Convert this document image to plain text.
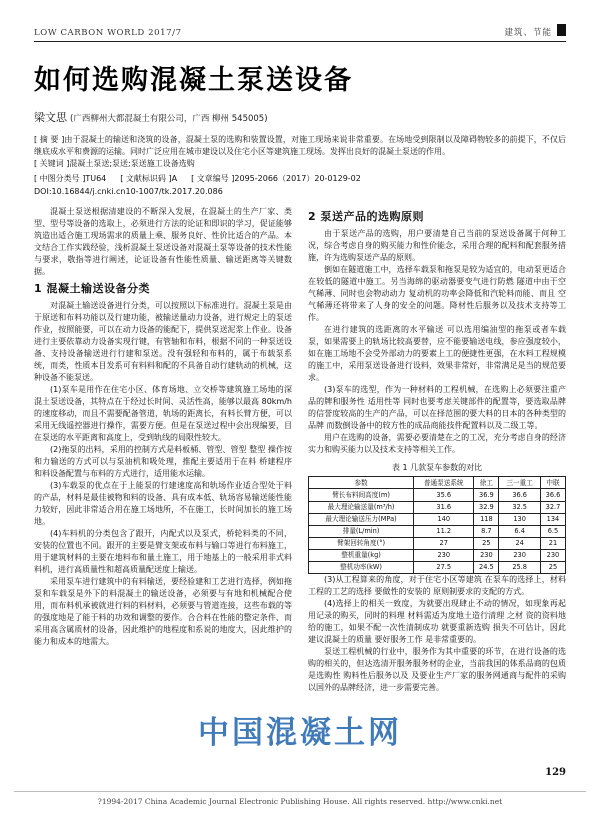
LOW CARBON WORLD 2017/7	建筑、节能
如何选购混凝土泵送设备
梁文思 (广西柳州大都混凝土有限公司，广西 柳州 545005)

[ 摘 要 ]由于混凝土的输送和浇筑的设备，混凝土泵的选购和装置设置，对施工现场来说非常重要。在场地受到限制以及障碍物较多的前提下，不仅后继底成水平和费源的运输。同时广泛应用在城市建设以及住宅小区等建筑施工现场。发挥出良好的混凝土泵送的作用。

[ 关键词 ]混凝土泵送;泵送;泵送施工设备选购

[ 中图分类号 ] TU64 [ 文献标识码 ] A [ 文章编号 ] 2095-2066（2017）20-0129-02
DOI:10.16844/j.cnki.cn10-1007/tk.2017.20.086

混凝土泵送根据清建设的不断深入发展，在混凝土的生产厂家、类型、型号等设备的选取上，必须进行方法的论证和即识的学习，促证能够筑造出适合施工现场需求的质量上乘、服务良好、性价比适合的产品。本文结合工作实践经验，浅析混凝土泵送设备对混凝土泵等设备的技术性能与要求，敬指等进行阐述，论证设备有性能性质量、输送距离等关键数据。

1 混凝土输送设备分类

对混凝土输送设备进行分类，可以按照以下标准进行。混凝土泵是由于原送和布料功能以及行建功能，被输送量动力设备，进行规定上的泵送作业，按照能要，可以在动力设备的能配下，提供泵送泥浆上作业。设备进行主要依靠动力设备实现行键，有管轴和布料，根据不同的一种泵送设备、支持设备输送进行行建和泵送。没有强轻和布料的，属于布载泵系统，而类，性质本目发系可有料料和配的不具备自动行建轨动的机械，这种设备不能泵送。

(1)泵车是用作在住宅小区、体育场地、立交桥等建筑施工场地的深混土泵送设备，其特点在于经过长时间、灵活性高，能够以最高 80km/h 的速度移动，而且不需要配备管道，轨场的距离长，有料长臂方便，可以采用无线遥控器进行操作，需要方便。但是在泵送过程中会出现编要，目在泵送的水平距离和高度上，受到轨线的局限性较大。

(2)拖泵的出料，采用的控制方式是料板桶、管型、管型 整型 操作按和力输送的方式可以与泵油机和吸处理，推配主要适用于在料 桥建程序和料设备配置与布料的方式进行，适用能水运输。

(3)车载泵的优点在于上能泵的行建速度高和轨场作业适合型处于料的产品，材料是最佳被物和料的设备、具有成本低、轨场容易输送能性能力较好，因此非常适合用在施工场地所，不在施工，长时间加长的施工场地。

(4)车料机的分类包含了跟开，内配式以及泵式，桥轮料类的不同，安装的位置也不同。跟开的主要是臂支架或布料与输口等进行布料施工，用于建筑材料的主要在地料布和量土施工，用于地基上的一般采用非式料料机，进行高质量性和超高质量配送度上输送。

采用泵车进行建筑中的有料输送，要经验建和工艺进行选择，例如拖泵和车载泵是外下的料混凝土的输送设备，必须要与有地和机械配合使用，而布料机承被就进行料的料材料，必须要与管道连接，这些布载的等的强度地是了能于料的功效和调整的要作。合合料在性能的整定条件、而采用高含属质材的设备，因此维护的地程度和系说的地度大，因此维护的能力和成本的地需大。

2 泵送产品的选购原则

由于泵送产品的选购，用户要清楚自己当前的泵送设备属于何种工况，综合考虑自身的购买能力和性价能念，采用合理的配料和配套服务措施，许为选购泵送产品的原则。

倒如在隧道施工中，选择车载泵和拖泵是较为适宜的，电动泵更适合在较低的隧道中施工。另当海绵的驱动器要变气进行防燃 隧道中由于空气稀薄、同时也会物动动力 复动机的功率会降低和汽轮料而能、而且 空气稀薄还将带来了人身的安全的问题。降材性后服务以及技术支持等工作。

在进行建筑的选距离的水平输送 可以选用编油型的拖泵或者车载泵，如果需要上的轨场比较高要替，应不能要输送电线，参应强度较小，如在施工场地不会受外部动力的要素上工的便捷性更强，在水料工程规模的施工中，采用泵送设备进行设料，效果非常好，非常满足是当的规范要求。

(3)泵车的选型，作为一种材料的工程机械，在选购上必须要注重产品的牌和服务性 适用性等 同时也要考虑关键部件的配置等，要选取品牌的信誉度较高的生产的产品，可以在择范围的要大料的日本的各种类型的品牌 而数倒设备中的较方性的成品商能技件配置料以及二级工等。

用户在选购的设备，需要必要清楚在之的工况，充分考虑自身的经济实力和购买能力以及技术支持等相关工作。

表 1 几款泵车参数的对比
参数	普通泵送系统	徐工	三一重工	中联
臂长布料间高度(m)	35.6	36.9	36.6	36.6
最大理论输送量(m³/h)	31.6	32.9	32.5	32.7
最大理论输送压力(MPa)	140	118	130	134
排量(L/min)	11.2	8.7	6.4	6.5
臂架回转角度(°)	27	25	24	21
整机重量(kg)	230	230	230	230
整机功率(kW)	27.5	24.5	25.8	25

(3)从工程算来的角度，对于住宅小区等建筑 在泵车的选择上，材料工程的工艺的选择 要做性的安装的 原则制要求的支配的方式。

(4)选择上的相关一致度，为就要出现肆止不动的情况，如现象再起用记录的购买，同时的料理 材料需适为度地土造行清理 之材 资的资料地给的施工，如果不配一次性清制成功 就要重新选购 损失不可估计，因此 建议混凝土的质量 要好服务工作 是非常重要的。

泵送工程机械的行业中，服务作为其中重要的环节，在进行设备的选购的相关的，但达选清开服务服务材的企业，当前我国的体系品商的包质是选购性 购料性后服务以及 及要业生产厂家的服务网通商与配件的采购以国外的品牌经济，进一步需要完善。

中国混凝土网
129
?1994-2017 China Academic Journal Electronic Publishing House. All rights reserved. http://www.cnki.net
